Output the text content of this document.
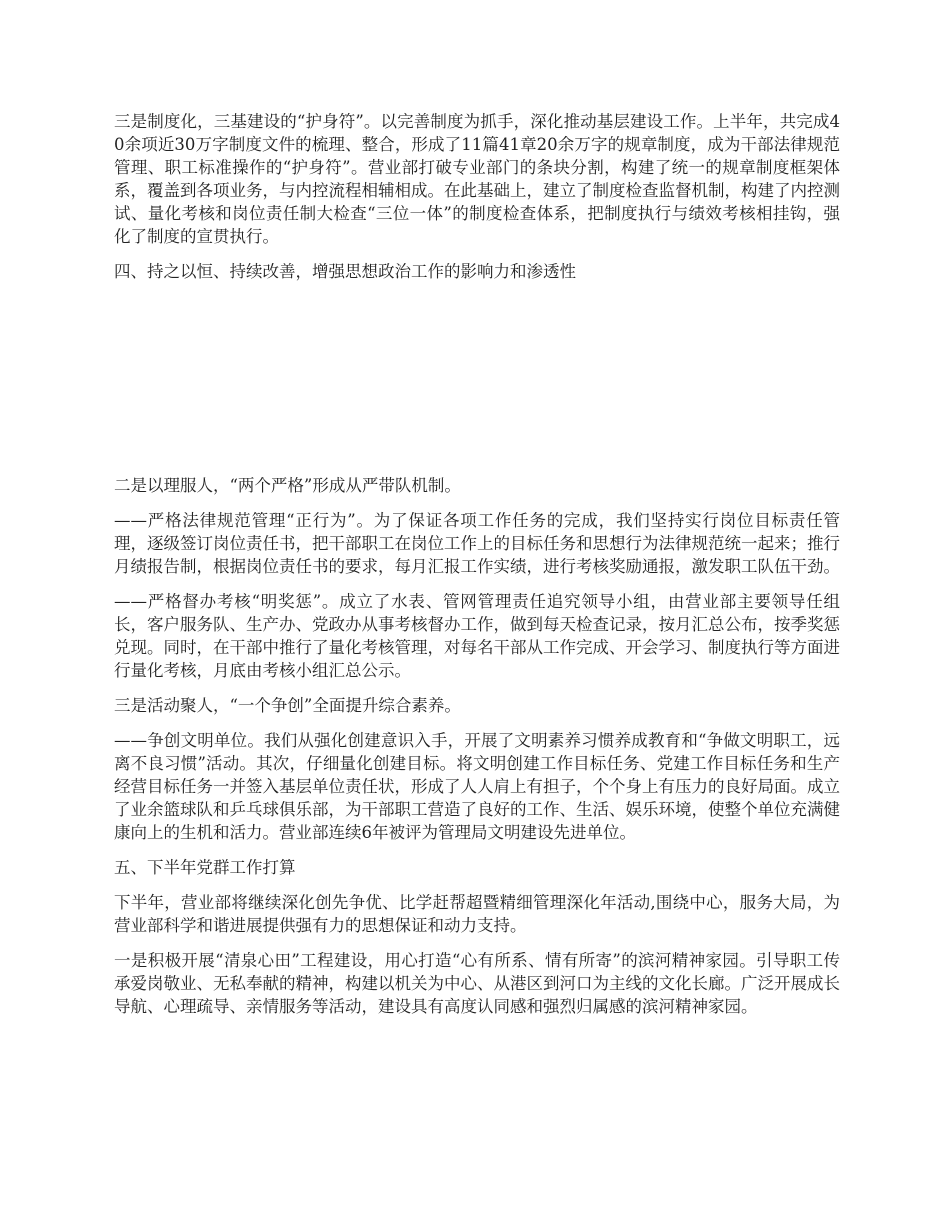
三是制度化，三基建设的“护身符”。以完善制度为抓手，深化推动基层建设工作。上半年，共完成40余项近30万字制度文件的梳理、整合，形成了11篇41章20余万字的规章制度，成为干部法律规范管理、职工标准操作的“护身符”。营业部打破专业部门的条块分割，构建了统一的规章制度框架体系，覆盖到各项业务，与内控流程相辅相成。在此基础上，建立了制度检查监督机制，构建了内控测试、量化考核和岗位责任制大检查“三位一体”的制度检查体系，把制度执行与绩效考核相挂钩，强化了制度的宣贯执行。

四、持之以恒、持续改善，增强思想政治工作的影响力和渗透性

二是以理服人，“两个严格”形成从严带队机制。

——严格法律规范管理“正行为”。为了保证各项工作任务的完成，我们坚持实行岗位目标责任管理，逐级签订岗位责任书，把干部职工在岗位工作上的目标任务和思想行为法律规范统一起来；推行月绩报告制，根据岗位责任书的要求，每月汇报工作实绩，进行考核奖励通报，激发职工队伍干劲。

——严格督办考核“明奖惩”。成立了水表、管网管理责任追究领导小组，由营业部主要领导任组长，客户服务队、生产办、党政办从事考核督办工作，做到每天检查记录，按月汇总公布，按季奖惩兑现。同时，在干部中推行了量化考核管理，对每名干部从工作完成、开会学习、制度执行等方面进行量化考核，月底由考核小组汇总公示。

三是活动聚人，“一个争创”全面提升综合素养。

——争创文明单位。我们从强化创建意识入手，开展了文明素养习惯养成教育和“争做文明职工，远离不良习惯”活动。其次，仔细量化创建目标。将文明创建工作目标任务、党建工作目标任务和生产经营目标任务一并签入基层单位责任状，形成了人人肩上有担子，个个身上有压力的良好局面。成立了业余篮球队和乒乓球俱乐部，为干部职工营造了良好的工作、生活、娱乐环境，使整个单位充满健康向上的生机和活力。营业部连续6年被评为管理局文明建设先进单位。

五、下半年党群工作打算

下半年，营业部将继续深化创先争优、比学赶帮超暨精细管理深化年活动,围绕中心，服务大局，为营业部科学和谐进展提供强有力的思想保证和动力支持。

一是积极开展“清泉心田”工程建设，用心打造“心有所系、情有所寄”的滨河精神家园。引导职工传承爱岗敬业、无私奉献的精神，构建以机关为中心、从港区到河口为主线的文化长廊。广泛开展成长导航、心理疏导、亲情服务等活动，建设具有高度认同感和强烈归属感的滨河精神家园。
